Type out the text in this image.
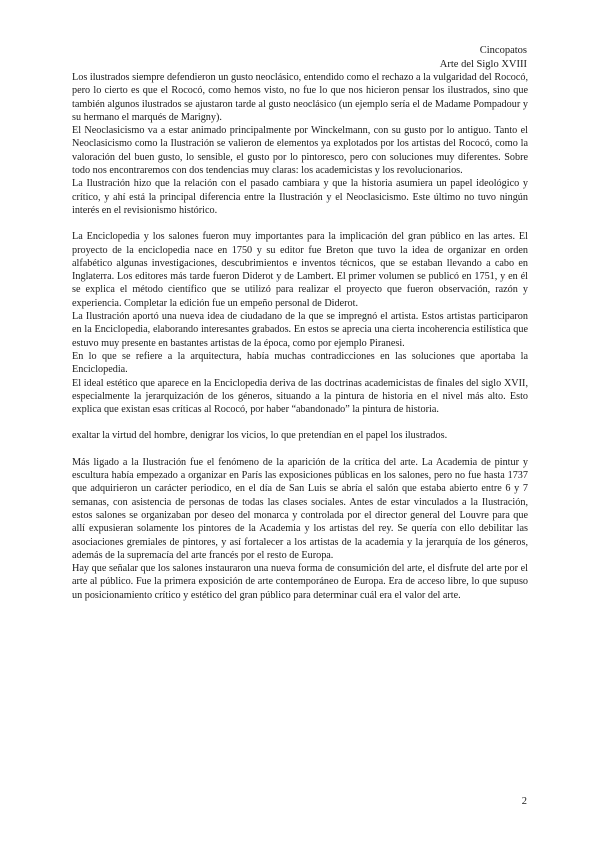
Cincopatos
Arte del Siglo XVIII

Los ilustrados siempre defendieron un gusto neoclásico, entendido como el rechazo a la vulgaridad del Rococó, pero lo cierto es que el Rococó, como hemos visto, no fue lo que nos hicieron pensar los ilustrados, sino que también algunos ilustrados se ajustaron tarde al gusto neoclásico (un ejemplo sería el de Madame Pompadour y su hermano el marqués de Marigny).

El Neoclasicismo va a estar animado principalmente por Winckelmann, con su gusto por lo antiguo. Tanto el Neoclasicismo como la Ilustración se valieron de elementos ya explotados por los artistas del Rococó, como la valoración del buen gusto, lo sensible, el gusto por lo pintoresco, pero con soluciones muy diferentes. Sobre todo nos encontraremos con dos tendencias muy claras: los academicistas y los revolucionarios.

La Ilustración hizo que la relación con el pasado cambiara y que la historia asumiera un papel ideológico y crítico, y ahí está la principal diferencia entre la Ilustración y el Neoclasicismo. Este último no tuvo ningún interés en el revisionismo histórico.

La Enciclopedia y los salones fueron muy importantes para la implicación del gran público en las artes. El proyecto de la enciclopedia nace en 1750 y su editor fue Breton que tuvo la idea de organizar en orden alfabético algunas investigaciones, descubrimientos e inventos técnicos, que se estaban llevando a cabo en Inglaterra. Los editores más tarde fueron Diderot y de Lambert. El primer volumen se publicó en 1751, y en él se explica el método científico que se utilizó para realizar el proyecto que fueron observación, razón y experiencia. Completar la edición fue un empeño personal de Diderot.

La Ilustración aportó una nueva idea de ciudadano de la que se impregnó el artista. Estos artistas participaron en la Enciclopedia, elaborando interesantes grabados. En estos se aprecia una cierta incoherencia estilística que estuvo muy presente en bastantes artistas de la época, como por ejemplo Piranesi.

En lo que se refiere a la arquitectura, había muchas contradicciones en las soluciones que aportaba la Enciclopedia.

El ideal estético que aparece en la Enciclopedia deriva de las doctrinas academicistas de finales del siglo XVII, especialmente la jerarquización de los géneros, situando a la pintura de historia en el nivel más alto. Esto explica que existan esas críticas al Rococó, por haber “abandonado” la pintura de historia.

exaltar la virtud del hombre, denigrar los vicios, lo que pretendían en el papel los ilustrados.

Más ligado a la Ilustración fue el fenómeno de la aparición de la crítica del arte. La Academia de pintur y escultura había empezado a organizar en París las exposiciones públicas en los salones, pero no fue hasta 1737 que adquirieron un carácter periodico, en el día de San Luis se abría el salón que estaba abierto entre 6 y 7 semanas, con asistencia de personas de todas las clases sociales. Antes de estar vinculados a la Ilustración, estos salones se organizaban por deseo del monarca y controlada por el director general del Louvre para que allí expusieran solamente los pintores de la Academia y los artistas del rey. Se quería con ello debilitar las asociaciones gremiales de pintores, y así fortalecer a los artistas de la academia y la jerarquía de los géneros, además de la supremacía del arte francés por el resto de Europa.

Hay que señalar que los salones instauraron una nueva forma de consumición del arte, el disfrute del arte por el arte al público. Fue la primera exposición de arte contemporáneo de Europa. Era de acceso libre, lo que supuso un posicionamiento crítico y estético del gran público para determinar cuál era el valor del arte.

2
